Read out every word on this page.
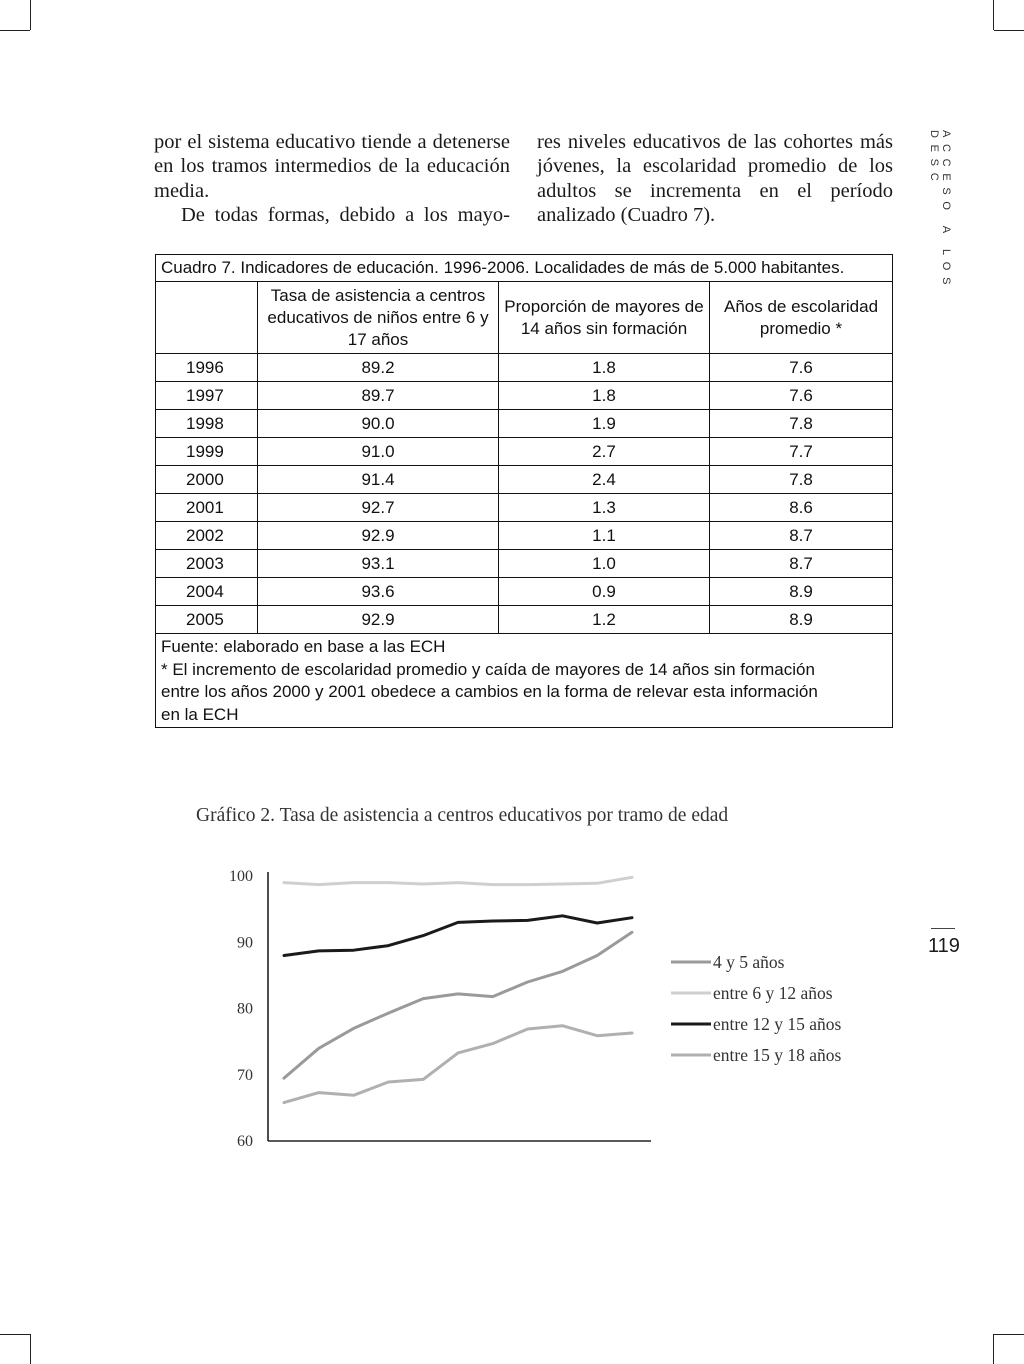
por el sistema educativo tiende a detenerse en los tramos intermedios de la educación media.

De todas formas, debido a los mayo-

res niveles educativos de las cohortes más jóvenes, la escolaridad promedio de los adultos se incrementa en el período analizado (Cuadro 7).	ACCESO A LOS DESC
119
Cuadro 7. Indicadores de educación. 1996-2006. Localidades de más de 5.000 habitantes.			
	Tasa de asistencia a centros educativos de niños entre 6 y 17 años	Proporción de mayores de 14 años sin formación	Años de escolaridad promedio *
1996	89.2	1.8	7.6
1997	89.7	1.8	7.6
1998	90.0	1.9	7.8
1999	91.0	2.7	7.7
2000	91.4	2.4	7.8
2001	92.7	1.3	8.6
2002	92.9	1.1	8.7
2003	93.1	1.0	8.7
2004	93.6	0.9	8.9
2005	92.9	1.2	8.9

Fuente: elaborado en base a las ECH
* El incremento de escolaridad promedio y caída de mayores de 14 años sin formación
entre los años 2000 y 2001 obedece a cambios en la forma de relevar esta información
en la ECH			
Gráfico 2. Tasa de asistencia a centros educativos por tramo de edad
100
90
80
70
60
4 y 5 años
entre 6 y 12 años
entre 12 y 15 años
entre 15 y 18 años
